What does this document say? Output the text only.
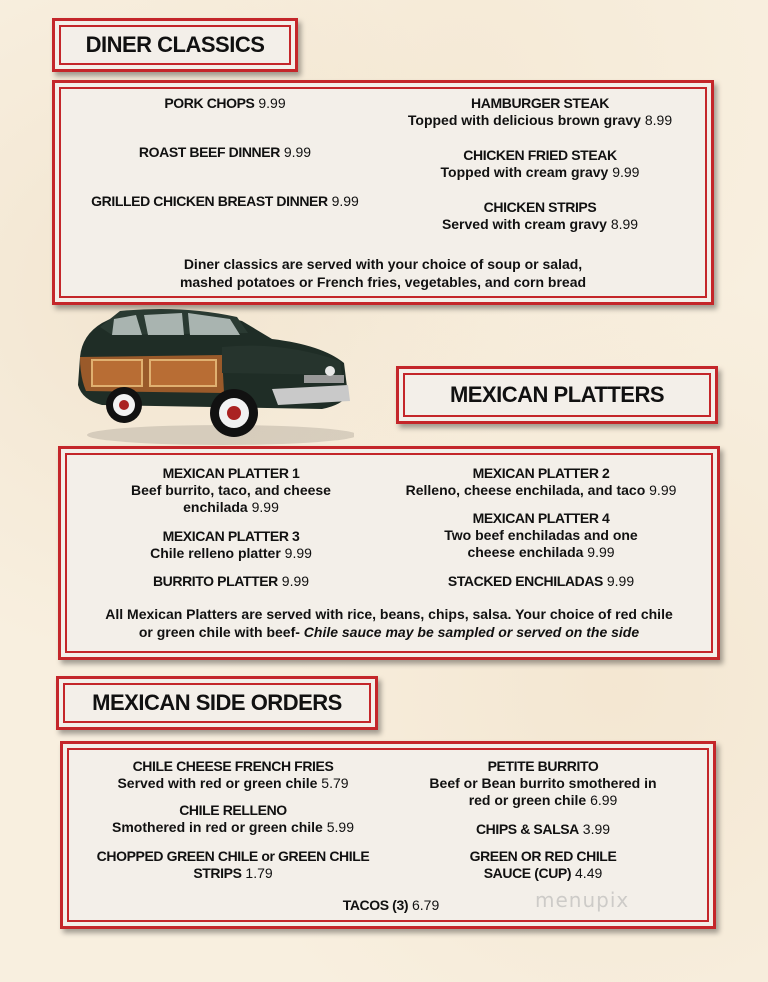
DINER CLASSICS
PORK CHOPS 9.99
ROAST BEEF DINNER 9.99
GRILLED CHICKEN BREAST DINNER 9.99
HAMBURGER STEAK
Topped with delicious brown gravy 8.99
CHICKEN FRIED STEAK
Topped with cream gravy 9.99
CHICKEN STRIPS
Served with cream gravy 8.99
Diner classics are served with your choice of soup or salad,
mashed potatoes or French fries, vegetables, and corn bread
MEXICAN PLATTERS
MEXICAN PLATTER 1
Beef burrito, taco, and cheese
enchilada 9.99
MEXICAN PLATTER 2
Relleno, cheese enchilada, and taco 9.99
MEXICAN PLATTER 3
Chile relleno platter 9.99
MEXICAN PLATTER 4
Two beef enchiladas and one
cheese enchilada 9.99
BURRITO PLATTER 9.99	STACKED ENCHILADAS 9.99
All Mexican Platters are served with rice, beans, chips, salsa. Your choice of red chile
or green chile with beef- Chile sauce may be sampled or served on the side
MEXICAN SIDE ORDERS
CHILE CHEESE FRENCH FRIES
Served with red or green chile 5.79
PETITE BURRITO
Beef or Bean burrito smothered in
red or green chile 6.99
CHILE RELLENO
Smothered in red or green chile 5.99	CHIPS & SALSA 3.99
CHOPPED GREEN CHILE or GREEN CHILE
STRIPS 1.79
GREEN OR RED CHILE
SAUCE (CUP) 4.49
TACOS (3) 6.79	menupix
